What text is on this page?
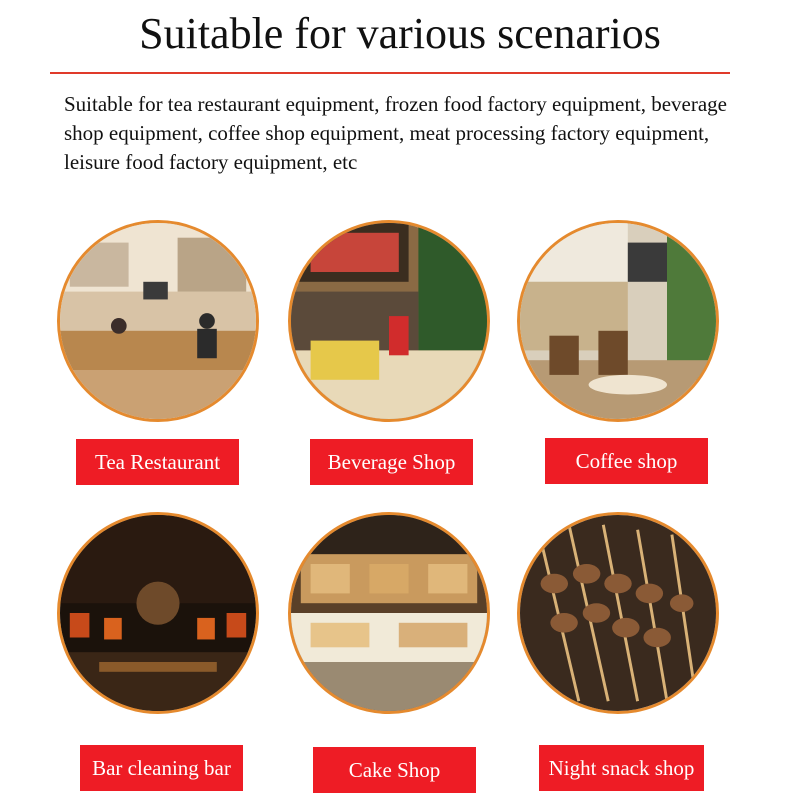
Suitable for various scenarios
Suitable for tea restaurant equipment, frozen food factory equipment, beverage shop equipment, coffee shop equipment, meat processing factory equipment, leisure food factory equipment, etc
Tea Restaurant	Beverage Shop	Coffee shop
Bar cleaning bar	Cake Shop	Night snack shop
